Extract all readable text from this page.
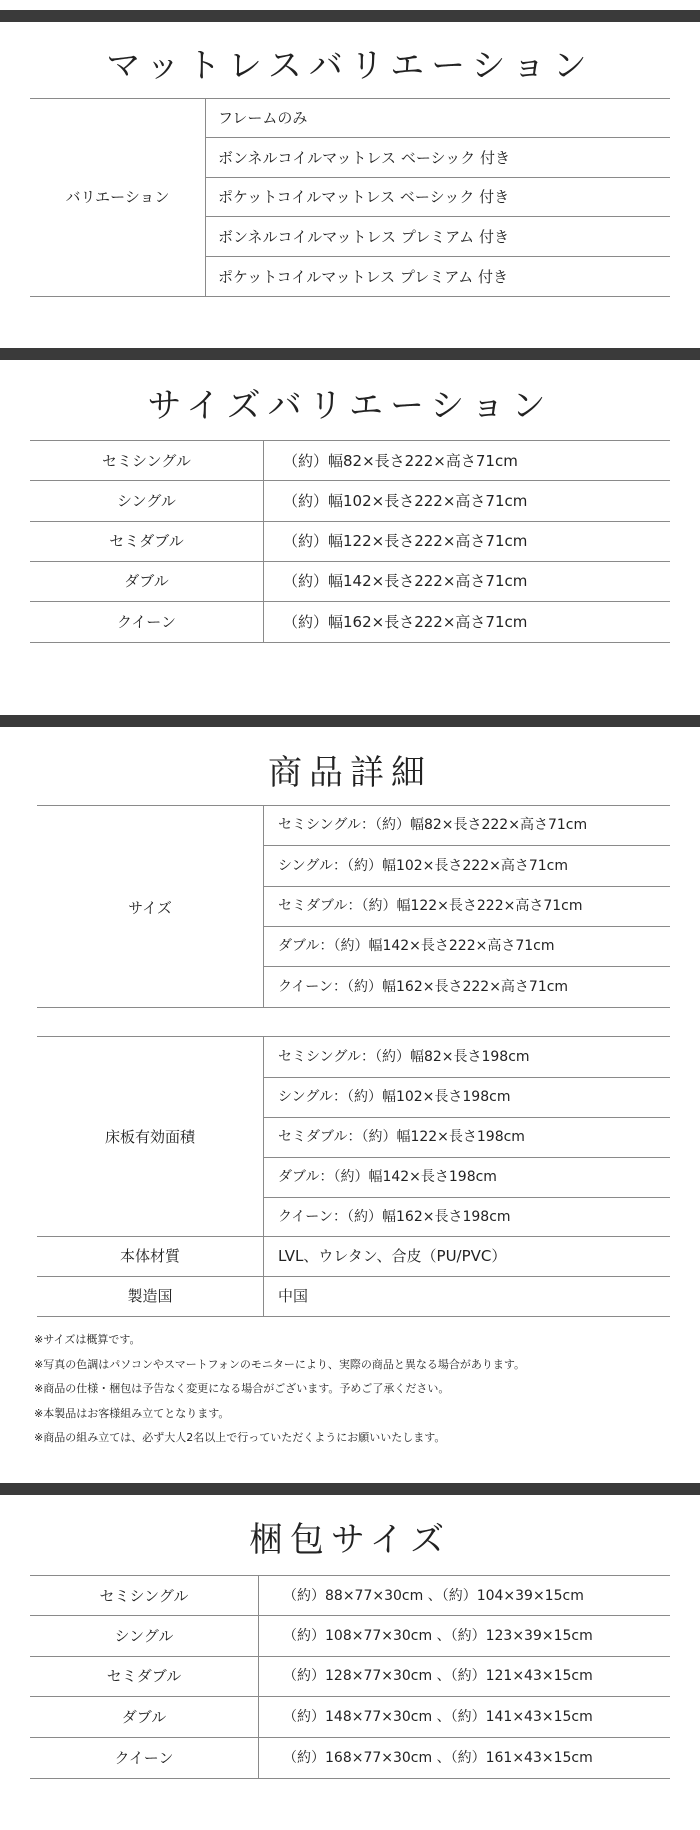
マットレスバリエーション
バリエーション
フレームのみ
ボンネルコイルマットレス ベーシック 付き
ポケットコイルマットレス ベーシック 付き
ボンネルコイルマットレス プレミアム 付き
ポケットコイルマットレス プレミアム 付き
サイズバリエーション
セミシングル	（約）幅82×長さ222×高さ71cm
シングル	（約）幅102×長さ222×高さ71cm
セミダブル	（約）幅122×長さ222×高さ71cm
ダブル	（約）幅142×長さ222×高さ71cm
クイーン	（約）幅162×長さ222×高さ71cm
商品詳細
サイズ
セミシングル：（約）幅82×長さ222×高さ71cm
シングル：（約）幅102×長さ222×高さ71cm
セミダブル：（約）幅122×長さ222×高さ71cm
ダブル：（約）幅142×長さ222×高さ71cm
クイーン：（約）幅162×長さ222×高さ71cm
床板有効面積
セミシングル：（約）幅82×長さ198cm
シングル：（約）幅102×長さ198cm
セミダブル：（約）幅122×長さ198cm
ダブル：（約）幅142×長さ198cm
クイーン：（約）幅162×長さ198cm
本体材質	LVL、ウレタン、合皮（PU/PVC）
製造国	中国
※サイズは概算です。
※写真の色調はパソコンやスマートフォンのモニターにより、実際の商品と異なる場合があります。
※商品の仕様・梱包は予告なく変更になる場合がございます。予めご了承ください。
※本製品はお客様組み立てとなります。
※商品の組み立ては、必ず大人2名以上で行っていただくようにお願いいたします。
梱包サイズ
セミシングル	（約）88×77×30cm 、（約）104×39×15cm
シングル	（約）108×77×30cm 、（約）123×39×15cm
セミダブル	（約）128×77×30cm 、（約）121×43×15cm
ダブル	（約）148×77×30cm 、（約）141×43×15cm
クイーン	（約）168×77×30cm 、（約）161×43×15cm
